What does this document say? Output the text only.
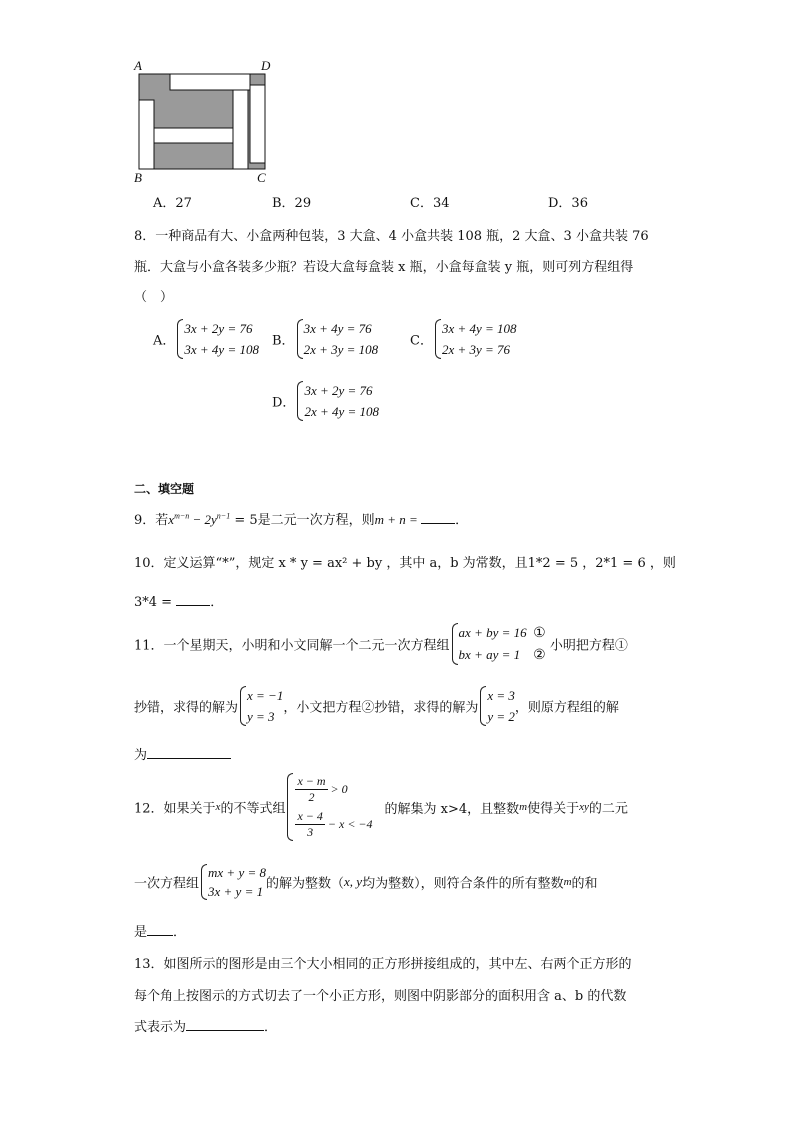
A	D
B	C
A．27	B．29	C．34	D．36
8．一种商品有大、小盒两种包装，3 大盒、4 小盒共装 108 瓶，2 大盒、3 小盒共装 76
瓶．大盒与小盒各装多少瓶？若设大盒每盒装 x 瓶，小盒每盒装 y 瓶，则可列方程组得
（　）
A．
3x + 2y = 76
3x + 4y = 108
B．
3x + 4y = 76
2x + 3y = 108
C．
3x + 4y = 108
2x + 3y = 76
D．
3x + 2y = 76
2x + 4y = 108
二、填空题
9．若$x^{m-n} - 2y^{n-1} = 5$是二元一次方程，则m + n =	．
10．定义运算“*”，规定 x * y = ax² + by ，其中 a，b 为常数，且1*2 = 5 ，2*1 = 6 ，则
3*4 =	．
11．一个星期天，小明和小文同解一个二元一次方程组
ax + by = 16 ①
bx + ay = 1 ②
小明把方程①
抄错，求得的解为
x = −1
y = 3
，小文把方程②抄错，求得的解为
x = 3
y = 2
，则原方程组的解
为
12．如果关于x的不等式组
$\frac{x - m}{2} > 0$
$\frac{x - 4}{3} - x < -4$
的解集为 x>4，且整数m使得关于xy的二元
一次方程组
mx + y = 8
3x + y = 1 的解为整数（x, y均为整数），则符合条件的所有整数m的和
是 ．
13．如图所示的图形是由三个大小相同的正方形拼接组成的，其中左、右两个正方形的
每个角上按图示的方式切去了一个小正方形，则图中阴影部分的面积用含 a、b 的代数
式表示为	．
